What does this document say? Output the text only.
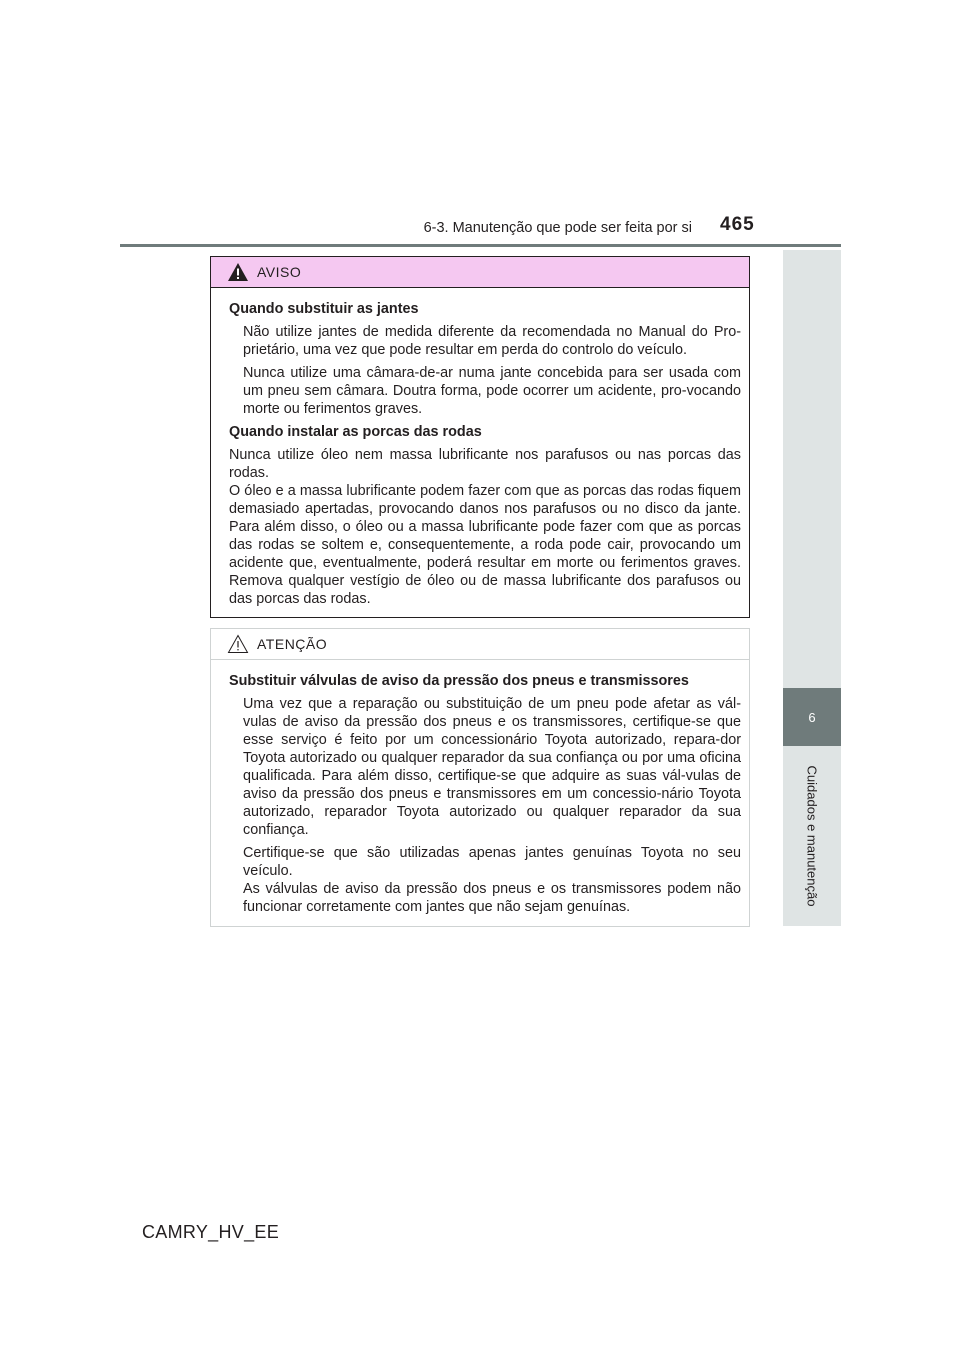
6-3. Manutenção que pode ser feita por si 465
6
Cuidados e manutenção
AVISO

Quando substituir as jantes

Não utilize jantes de medida diferente da recomendada no Manual do Pro-prietário, uma vez que pode resultar em perda do controlo do veículo.

Nunca utilize uma câmara-de-ar numa jante concebida para ser usada com um pneu sem câmara. Doutra forma, pode ocorrer um acidente, pro-vocando morte ou ferimentos graves.

Quando instalar as porcas das rodas

Nunca utilize óleo nem massa lubrificante nos parafusos ou nas porcas das rodas.

O óleo e a massa lubrificante podem fazer com que as porcas das rodas fiquem demasiado apertadas, provocando danos nos parafusos ou no disco da jante. Para além disso, o óleo ou a massa lubrificante pode fazer com que as porcas das rodas se soltem e, consequentemente, a roda pode cair, provocando um acidente que, eventualmente, poderá resultar em morte ou ferimentos graves. Remova qualquer vestígio de óleo ou de massa lubrificante dos parafusos ou das porcas das rodas.

ATENÇÃO

Substituir válvulas de aviso da pressão dos pneus e transmissores

Uma vez que a reparação ou substituição de um pneu pode afetar as vál-vulas de aviso da pressão dos pneus e os transmissores, certifique-se que esse serviço é feito por um concessionário Toyota autorizado, repara-dor Toyota autorizado ou qualquer reparador da sua confiança ou por uma oficina qualificada. Para além disso, certifique-se que adquire as suas vál-vulas de aviso da pressão dos pneus e transmissores em um concessio-nário Toyota autorizado, reparador Toyota autorizado ou qualquer reparador da sua confiança.

Certifique-se que são utilizadas apenas jantes genuínas Toyota no seu veículo.

As válvulas de aviso da pressão dos pneus e os transmissores podem não funcionar corretamente com jantes que não sejam genuínas.

CAMRY_HV_EE
